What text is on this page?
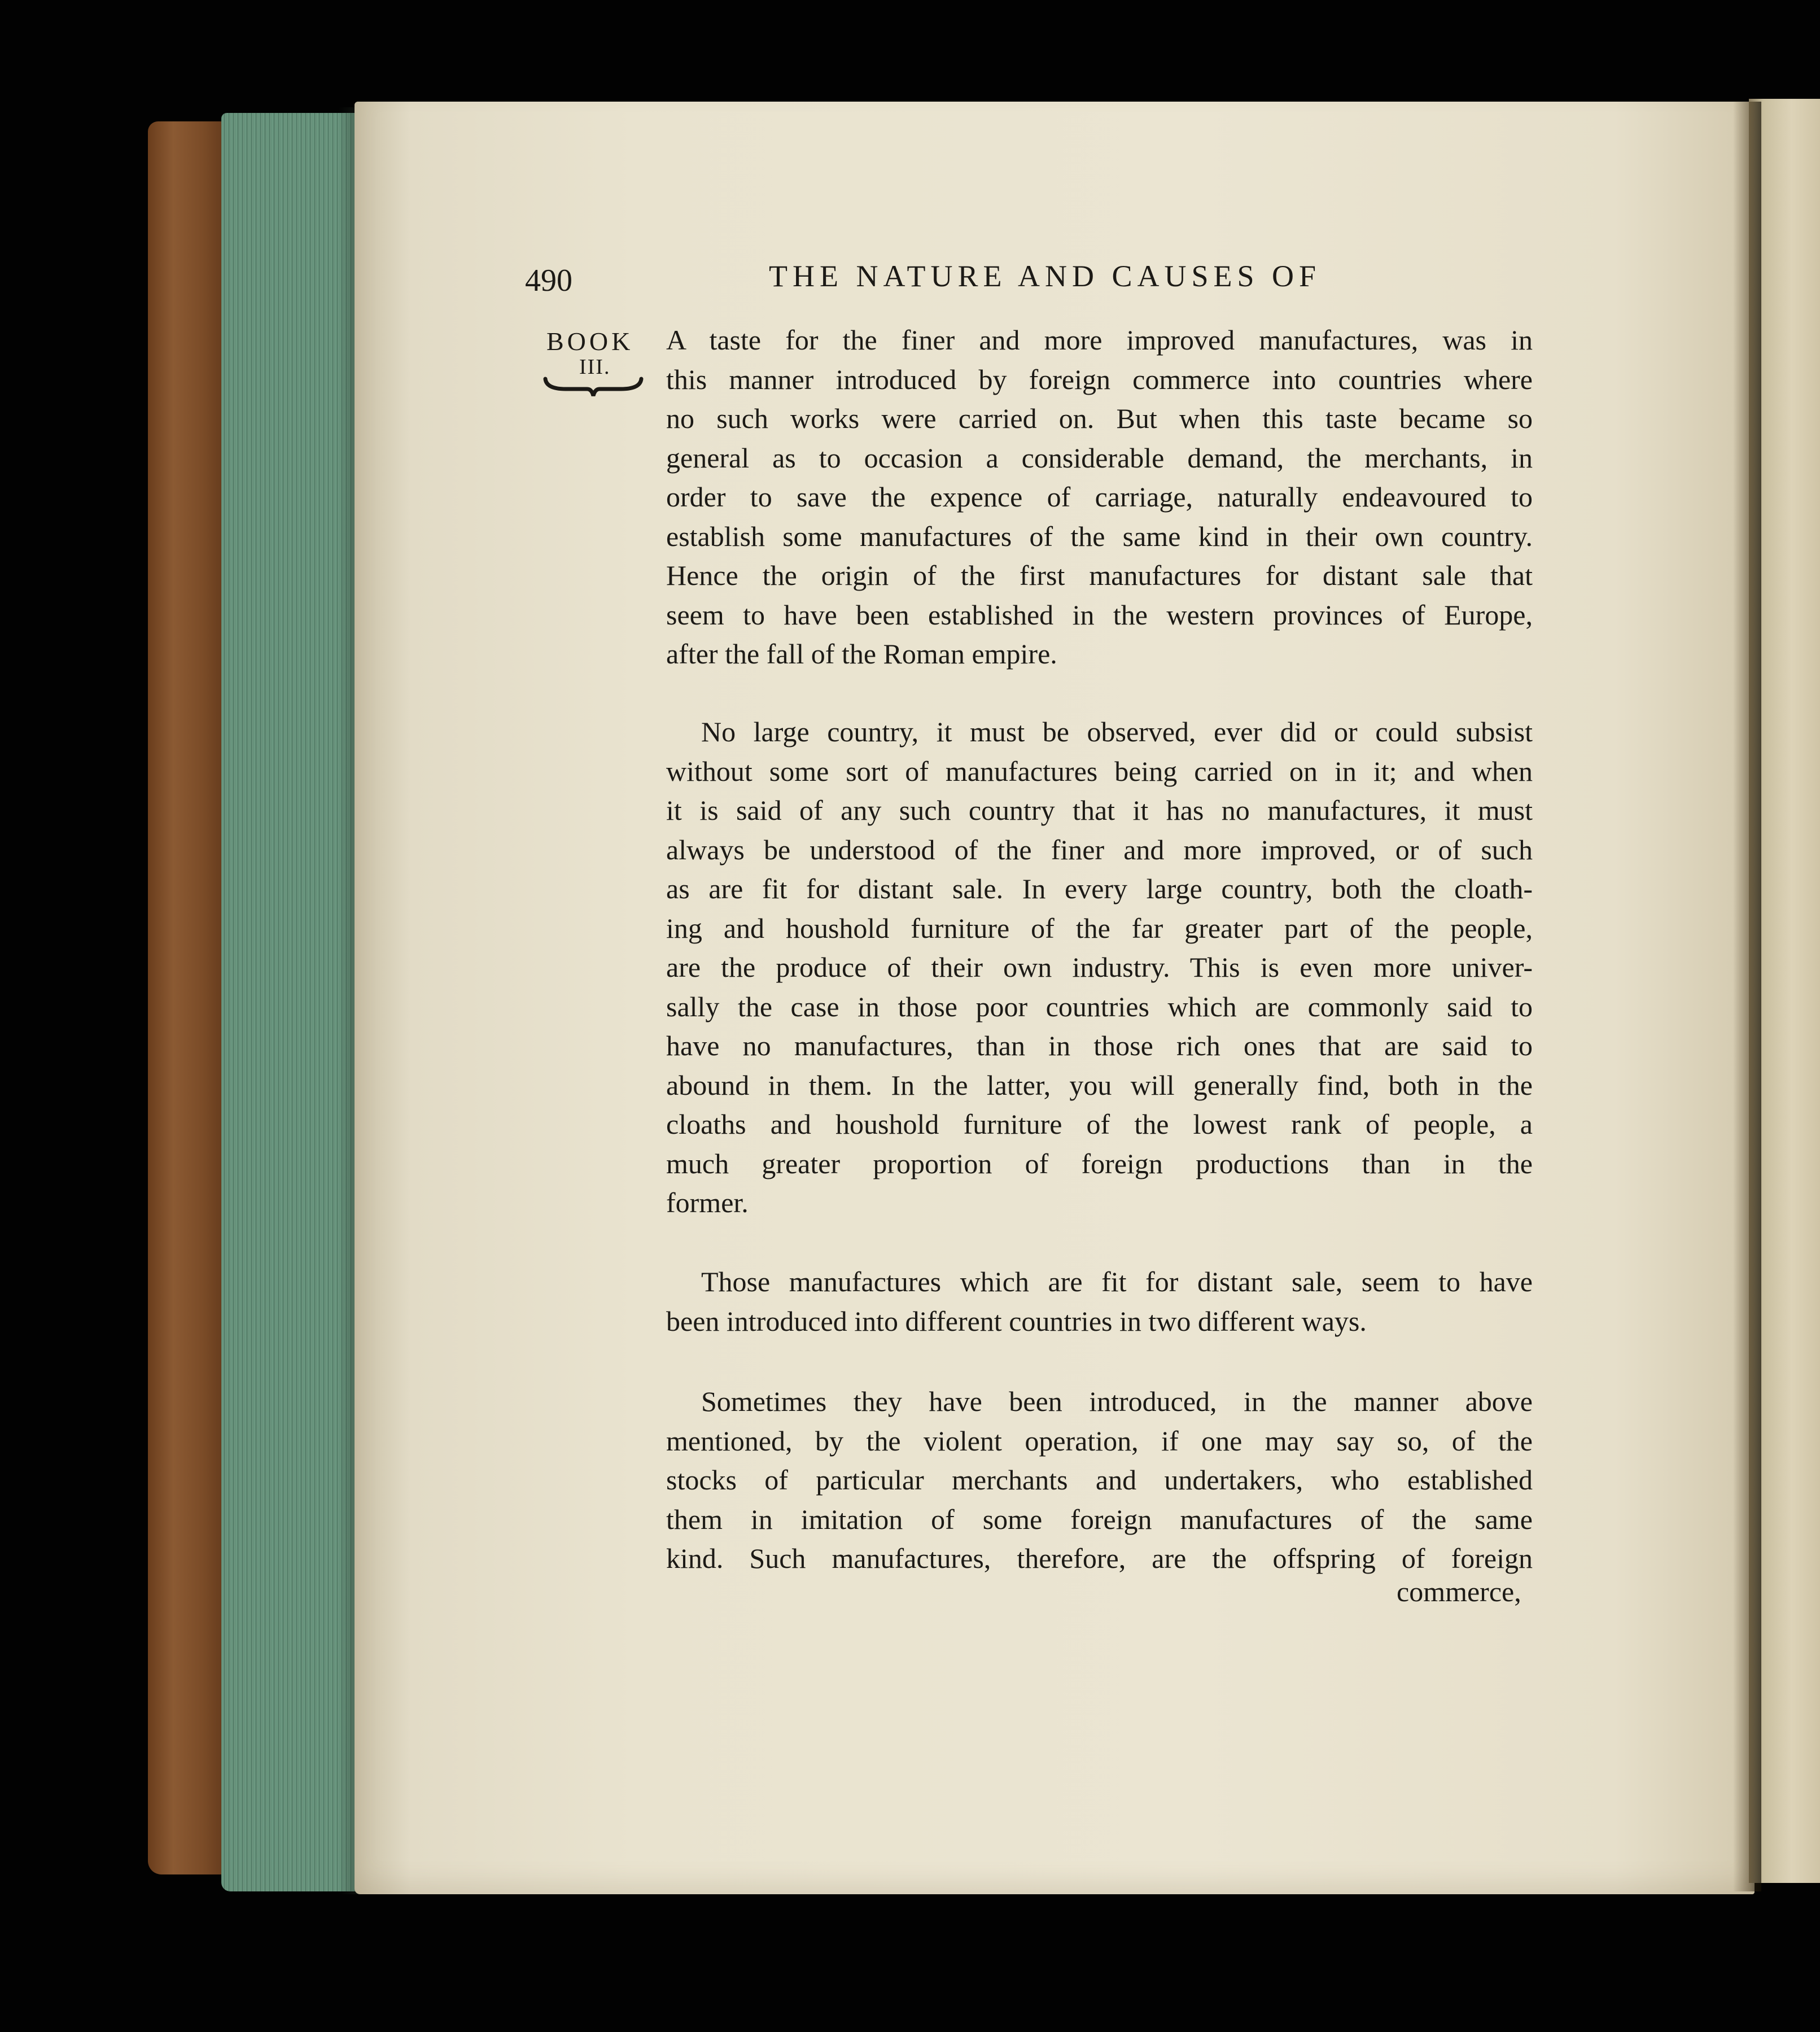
490	THE NATURE AND CAUSES OF
BOOK
III.
A taste for the finer and more improved manufactures, was in
this manner introduced by foreign commerce into countries where
no such works were carried on. But when this taste became so
general as to occasion a considerable demand, the merchants, in
order to save the expence of carriage, naturally endeavoured to
establish some manufactures of the same kind in their own country.
Hence the origin of the first manufactures for distant sale that
seem to have been established in the western provinces of Europe,
after the fall of the Roman empire.
No large country, it must be observed, ever did or could subsist
without some sort of manufactures being carried on in it; and when
it is said of any such country that it has no manufactures, it must
always be understood of the finer and more improved, or of such
as are fit for distant sale. In every large country, both the cloath-
ing and houshold furniture of the far greater part of the people,
are the produce of their own industry. This is even more univer-
sally the case in those poor countries which are commonly said to
have no manufactures, than in those rich ones that are said to
abound in them. In the latter, you will generally find, both in the
cloaths and houshold furniture of the lowest rank of people, a
much greater proportion of foreign productions than in the
former.
Those manufactures which are fit for distant sale, seem to have
been introduced into different countries in two different ways.
Sometimes they have been introduced, in the manner above
mentioned, by the violent operation, if one may say so, of the
stocks of particular merchants and undertakers, who established
them in imitation of some foreign manufactures of the same
kind. Such manufactures, therefore, are the offspring of foreign
commerce,
